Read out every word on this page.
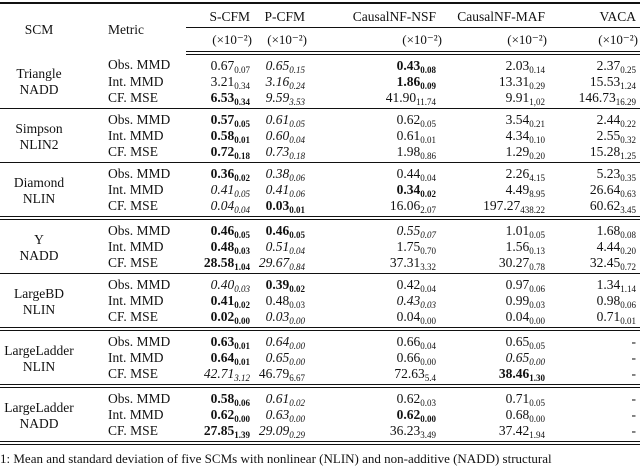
SCM	Metric	S-CFM	P-CFM	CausalNF-NSF	CausalNF-MAF	VACA
		(×10⁻²)	(×10⁻²)	(×10⁻²)	(×10⁻²)	(×10⁻²)

Triangle
NADD	Obs. MMD	$0.67_{0.07}$	$0.65_{0.15}$	$0.43_{0.08}$	$2.03_{0.14}$	$2.37_{0.25}$
	Int. MMD	$3.21_{0.34}$	$3.16_{0.24}$	$1.86_{0.09}$	$13.31_{0.29}$	$15.53_{1.24}$
	CF. MSE	$6.53_{0.34}$	$9.59_{3.53}$	$41.90_{11.74}$	$9.91_{1,02}$	$146.73_{16.29}$

Simpson
NLIN2	Obs. MMD	$0.57_{0.05}$	$0.61_{0.05}$	$0.62_{0.05}$	$3.54_{0.21}$	$2.44_{0.22}$
	Int. MMD	$0.58_{0.01}$	$0.60_{0.04}$	$0.61_{0.01}$	$4.34_{0.10}$	$2.55_{0.32}$
	CF. MSE	$0.72_{0.18}$	$0.73_{0.18}$	$1.98_{0.86}$	$1.29_{0.20}$	$15.28_{1.25}$

Diamond
NLIN	Obs. MMD	$0.36_{0.02}$	$0.38_{0.06}$	$0.44_{0.04}$	$2.26_{4.15}$	$5.23_{0.35}$
	Int. MMD	$0.41_{0.05}$	$0.41_{0.06}$	$0.34_{0.02}$	$4.49_{8.95}$	$26.64_{0.63}$
	CF. MSE	$0.04_{0.04}$	$0.03_{0.01}$	$16.06_{2.07}$	$197.27_{438.22}$	$60.62_{3.45}$

Y
NADD	Obs. MMD	$0.46_{0.05}$	$0.46_{0.05}$	$0.55_{0.07}$	$1.01_{0.05}$	$1.68_{0.08}$
	Int. MMD	$0.48_{0.03}$	$0.51_{0.04}$	$1.75_{0.70}$	$1.56_{0.13}$	$4.44_{0.20}$
	CF. MSE	$28.58_{1.04}$	$29.67_{0.84}$	$37.31_{3.32}$	$30.27_{0.78}$	$32.45_{0.72}$

LargeBD
NLIN	Obs. MMD	$0.40_{0.03}$	$0.39_{0.02}$	$0.42_{0.04}$	$0.97_{0.06}$	$1.34_{1.14}$
	Int. MMD	$0.41_{0.02}$	$0.48_{0.03}$	$0.43_{0.03}$	$0.99_{0.03}$	$0.98_{0.06}$
	CF. MSE	$0.02_{0.00}$	$0.03_{0.00}$	$0.04_{0.00}$	$0.04_{0.00}$	$0.71_{0.01}$

LargeLadder
NLIN	Obs. MMD	$0.63_{0.01}$	$0.64_{0.00}$	$0.66_{0.04}$	$0.65_{0.05}$	-
	Int. MMD	$0.64_{0.01}$	$0.65_{0.00}$	$0.66_{0.00}$	$0.65_{0.00}$	-
	CF. MSE	$42.71_{3.12}$	$46.79_{6.67}$	$72.63_{5.4}$	$38.46_{1.30}$	-

LargeLadder
NADD	Obs. MMD	$0.58_{0.06}$	$0.61_{0.02}$	$0.62_{0.03}$	$0.71_{0.05}$	-
	Int. MMD	$0.62_{0.00}$	$0.63_{0.00}$	$0.62_{0.00}$	$0.68_{0.00}$	-
	CF. MSE	$27.85_{1.39}$	$29.09_{0.29}$	$36.23_{3.49}$	$37.42_{1.94}$	-
1: Mean and standard deviation of five SCMs with nonlinear (NLIN) and non-additive (NADD) structural
